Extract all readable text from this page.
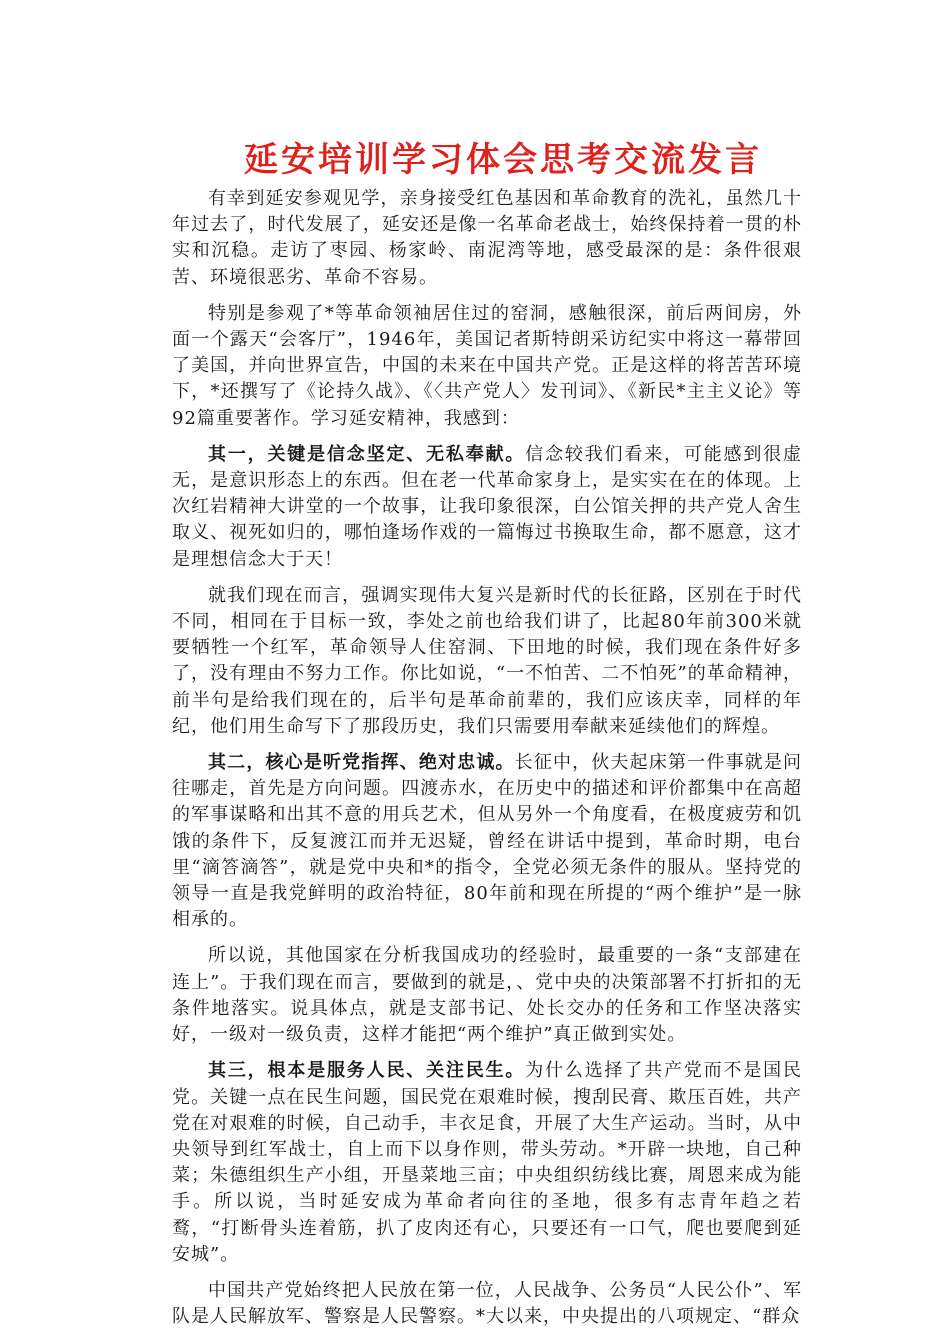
延安培训学习体会思考交流发言

有幸到延安参观见学，亲身接受红色基因和革命教育的洗礼，虽然几十年过去了，时代发展了，延安还是像一名革命老战士，始终保持着一贯的朴实和沉稳。走访了枣园、杨家岭、南泥湾等地，感受最深的是：条件很艰苦、环境很恶劣、革命不容易。

特别是参观了*等革命领袖居住过的窑洞，感触很深，前后两间房，外面一个露天“会客厅”，1946年，美国记者斯特朗采访纪实中将这一幕带回了美国，并向世界宣告，中国的未来在中国共产党。正是这样的将苦苦环境下，*还撰写了《论持久战》、《〈共产党人〉发刊词》、《新民*主主义论》等92篇重要著作。学习延安精神，我感到：

其一，关键是信念坚定、无私奉献。信念较我们看来，可能感到很虚无，是意识形态上的东西。但在老一代革命家身上，是实实在在的体现。上次红岩精神大讲堂的一个故事，让我印象很深，白公馆关押的共产党人舍生取义、视死如归的，哪怕逢场作戏的一篇悔过书换取生命，都不愿意，这才是理想信念大于天！

就我们现在而言，强调实现伟大复兴是新时代的长征路，区别在于时代不同，相同在于目标一致，李处之前也给我们讲了，比起80年前300米就要牺牲一个红军，革命领导人住窑洞、下田地的时候，我们现在条件好多了，没有理由不努力工作。你比如说，“一不怕苦、二不怕死”的革命精神，前半句是给我们现在的，后半句是革命前辈的，我们应该庆幸，同样的年纪，他们用生命写下了那段历史，我们只需要用奉献来延续他们的辉煌。

其二，核心是听党指挥、绝对忠诚。长征中，伙夫起床第一件事就是问往哪走，首先是方向问题。四渡赤水，在历史中的描述和评价都集中在高超的军事谋略和出其不意的用兵艺术，但从另外一个角度看，在极度疲劳和饥饿的条件下，反复渡江而并无迟疑，曾经在讲话中提到，革命时期，电台里“滴答滴答”，就是党中央和*的指令，全党必须无条件的服从。坚持党的领导一直是我党鲜明的政治特征，80年前和现在所提的“两个维护”是一脉相承的。

所以说，其他国家在分析我国成功的经验时，最重要的一条“支部建在连上”。于我们现在而言，要做到的就是，、党中央的决策部署不打折扣的无条件地落实。说具体点，就是支部书记、处长交办的任务和工作坚决落实好，一级对一级负责，这样才能把“两个维护”真正做到实处。

其三，根本是服务人民、关注民生。为什么选择了共产党而不是国民党。关键一点在民生问题，国民党在艰难时候，搜刮民膏、欺压百姓，共产党在对艰难的时候，自己动手，丰衣足食，开展了大生产运动。当时，从中央领导到红军战士，自上而下以身作则，带头劳动。*开辟一块地，自己种菜；朱德组织生产小组，开垦菜地三亩；中央组织纺线比赛，周恩来成为能手。所以说，当时延安成为革命者向往的圣地，很多有志青年趋之若鹜，“打断骨头连着筋，扒了皮肉还有心，只要还有一口气，爬也要爬到延安城”。

中国共产党始终把人民放在第一位，人民战争、公务员“人民公仆”、军队是人民解放军、警察是人民警察。*大以来，中央提出的八项规定、“群众
